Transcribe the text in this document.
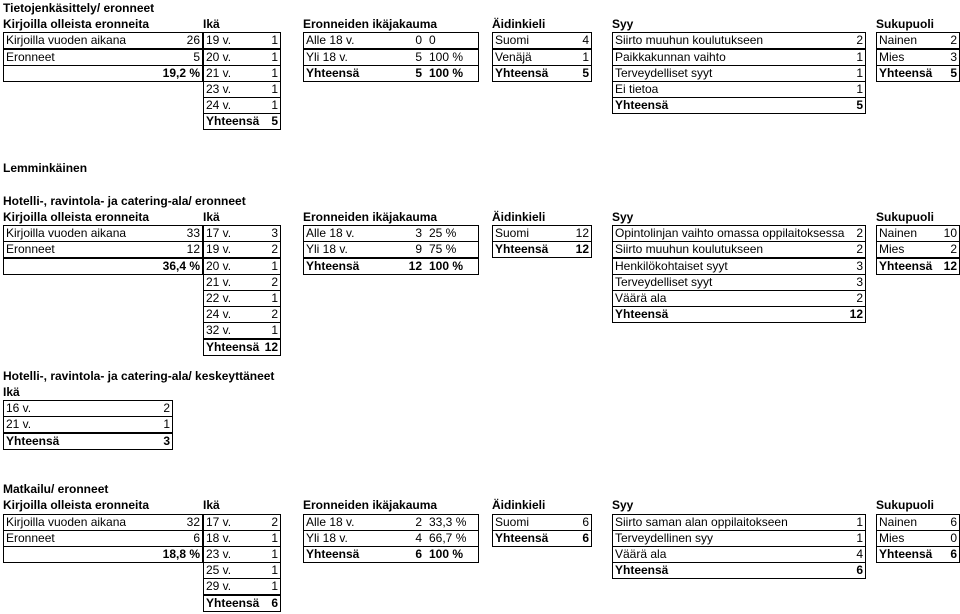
Tietojenkäsittely/ eronneet
Kirjoilla olleista eronneita	Ikä	Eronneiden ikäjakauma	Äidinkieli	Syy	Sukupuoli
Kirjoilla vuoden aikana	26
Eronneet	5
19,2 %
19 v.	1
20 v.	1
21 v.	1
23 v.	1
24 v.	1
Yhteensä 5
Alle 18 v.	0 0
Yli 18 v.	5 100 %
Yhteensä	5 100 %
Suomi	4
Venäjä	1
Yhteensä	5
Siirto muuhun koulutukseen	2
Paikkakunnan vaihto	1
Terveydelliset syyt	1
Ei tietoa	1
Yhteensä	5
Nainen	2
Mies	3
Yhteensä	5
Lemminkäinen
Hotelli-, ravintola- ja catering-ala/ eronneet
Kirjoilla olleista eronneita	Ikä	Eronneiden ikäjakauma	Äidinkieli	Syy	Sukupuoli
Kirjoilla vuoden aikana	33
Eronneet	12
36,4 %
17 v.	3
19 v.	2
20 v.	1
21 v.	2
22 v.	1
24 v.	2
32 v.	1
Yhteensä 12
Alle 18 v.	3 25 %
Yli 18 v.	9 75 %
Yhteensä	12 100 %
Suomi	12
Yhteensä	12
Opintolinjan vaihto omassa oppilaitoksessa 2
Siirto muuhun koulutukseen	2
Henkilökohtaiset syyt	3
Terveydelliset syyt	3
Väärä ala	2
Yhteensä	12
Nainen	10
Mies	2
Yhteensä 12
Hotelli-, ravintola- ja catering-ala/ keskeyttäneet
Ikä
16 v.	2
21 v.	1
Yhteensä	3
Matkailu/ eronneet
Kirjoilla olleista eronneita	Ikä	Eronneiden ikäjakauma	Äidinkieli	Syy	Sukupuoli
Kirjoilla vuoden aikana	32
Eronneet	6
18,8 %
17 v.	2
18 v.	1
23 v.	1
25 v.	1
29 v.	1
Yhteensä 6
Alle 18 v.	2 33,3 %
Yli 18 v.	4 66,7 %
Yhteensä	6 100 %
Suomi	6
Yhteensä	6
Siirto saman alan oppilaitokseen	1
Terveydellinen syy	1
Väärä ala	4
Yhteensä	6
Nainen	6
Mies	0
Yhteensä	6
